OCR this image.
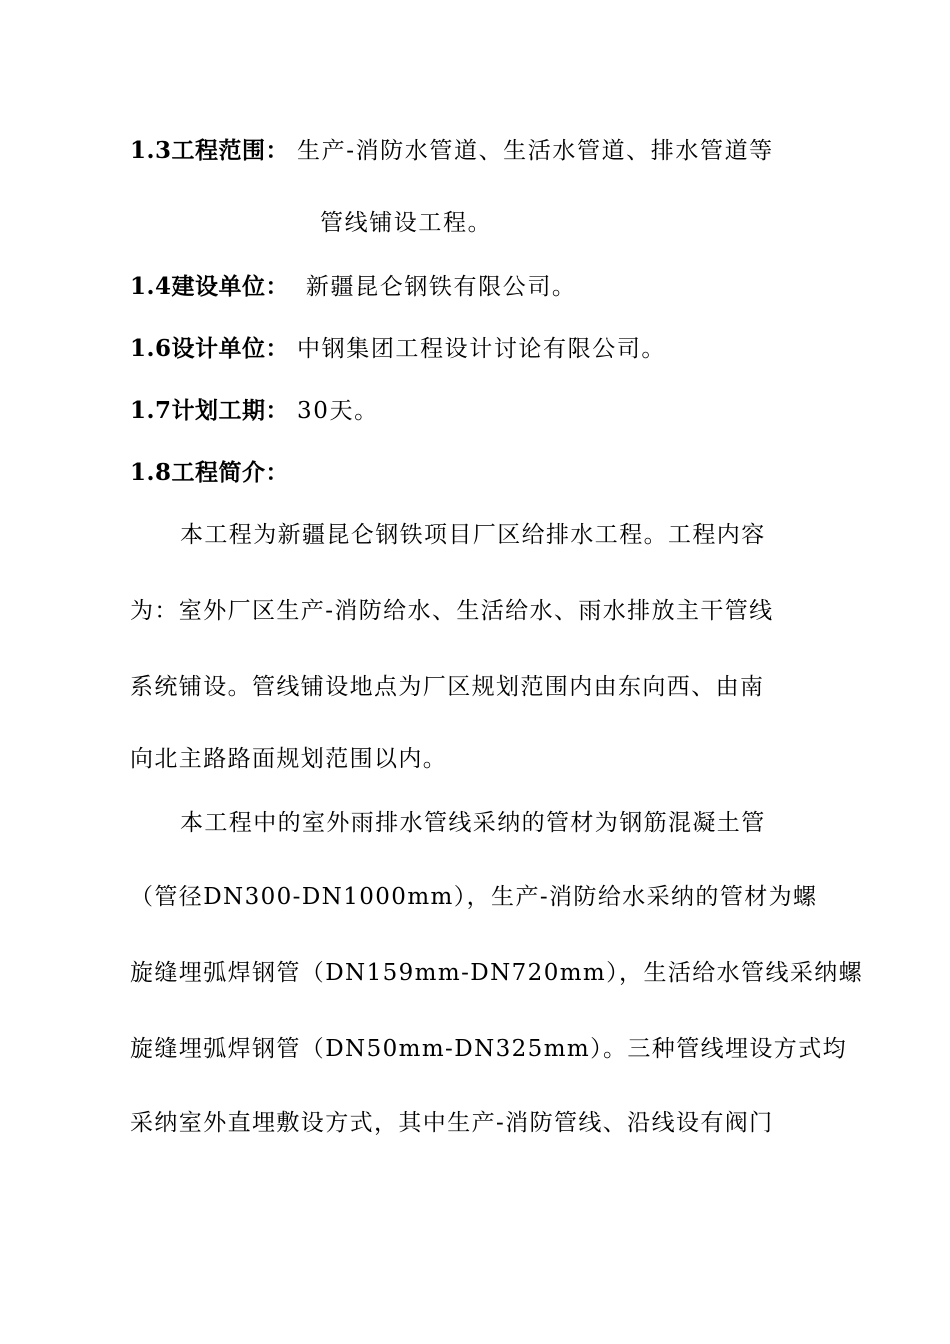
1.3工程范围： 生产-消防水管道、生活水管道、排水管道等
管线铺设工程。
1.4建设单位： 新疆昆仑钢铁有限公司。
1.6设计单位： 中钢集团工程设计讨论有限公司。
1.7计划工期： 30天。
1.8工程简介：
本工程为新疆昆仑钢铁项目厂区给排水工程。工程内容
为：室外厂区生产-消防给水、生活给水、雨水排放主干管线
系统铺设。管线铺设地点为厂区规划范围内由东向西、由南
向北主路路面规划范围以内。
本工程中的室外雨排水管线采纳的管材为钢筋混凝土管
（管径DN300-DN1000mm），生产-消防给水采纳的管材为螺
旋缝埋弧焊钢管（DN159mm-DN720mm），生活给水管线采纳螺
旋缝埋弧焊钢管（DN50mm-DN325mm）。三种管线埋设方式均
采纳室外直埋敷设方式，其中生产-消防管线、沿线设有阀门
